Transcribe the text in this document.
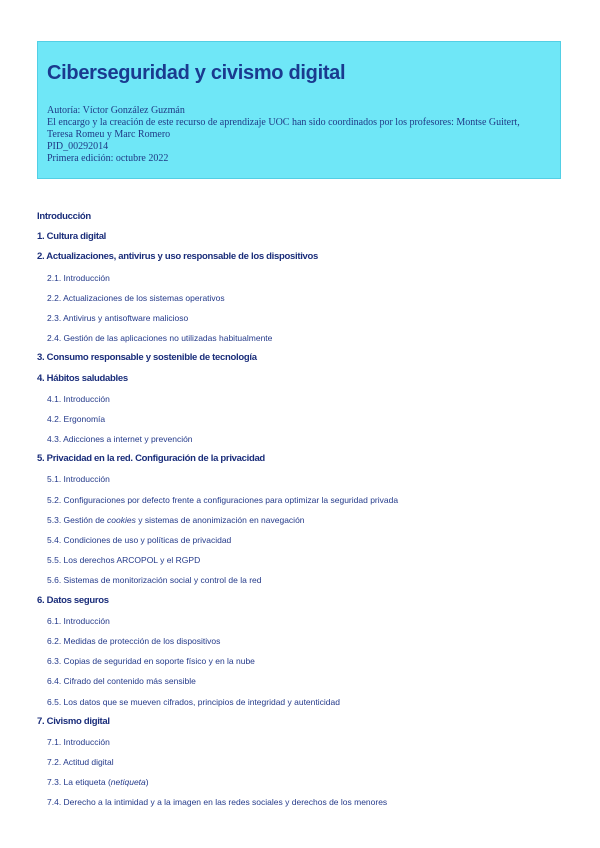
Ciberseguridad y civismo digital
Autoría: Víctor González Guzmán
El encargo y la creación de este recurso de aprendizaje UOC han sido coordinados por los profesores: Montse Guitert, Teresa Romeu y Marc Romero
PID_00292014
Primera edición: octubre 2022
Introducción
1. Cultura digital
2. Actualizaciones, antivirus y uso responsable de los dispositivos
2.1. Introducción
2.2. Actualizaciones de los sistemas operativos
2.3. Antivirus y antisoftware malicioso
2.4. Gestión de las aplicaciones no utilizadas habitualmente
3. Consumo responsable y sostenible de tecnología
4. Hábitos saludables
4.1. Introducción
4.2. Ergonomía
4.3. Adicciones a internet y prevención
5. Privacidad en la red. Configuración de la privacidad
5.1. Introducción
5.2. Configuraciones por defecto frente a configuraciones para optimizar la seguridad privada
5.3. Gestión de cookies y sistemas de anonimización en navegación
5.4. Condiciones de uso y políticas de privacidad
5.5. Los derechos ARCOPOL y el RGPD
5.6. Sistemas de monitorización social y control de la red
6. Datos seguros
6.1. Introducción
6.2. Medidas de protección de los dispositivos
6.3. Copias de seguridad en soporte físico y en la nube
6.4. Cifrado del contenido más sensible
6.5. Los datos que se mueven cifrados, principios de integridad y autenticidad
7. Civismo digital
7.1. Introducción
7.2. Actitud digital
7.3. La etiqueta (netiqueta)
7.4. Derecho a la intimidad y a la imagen en las redes sociales y derechos de los menores
